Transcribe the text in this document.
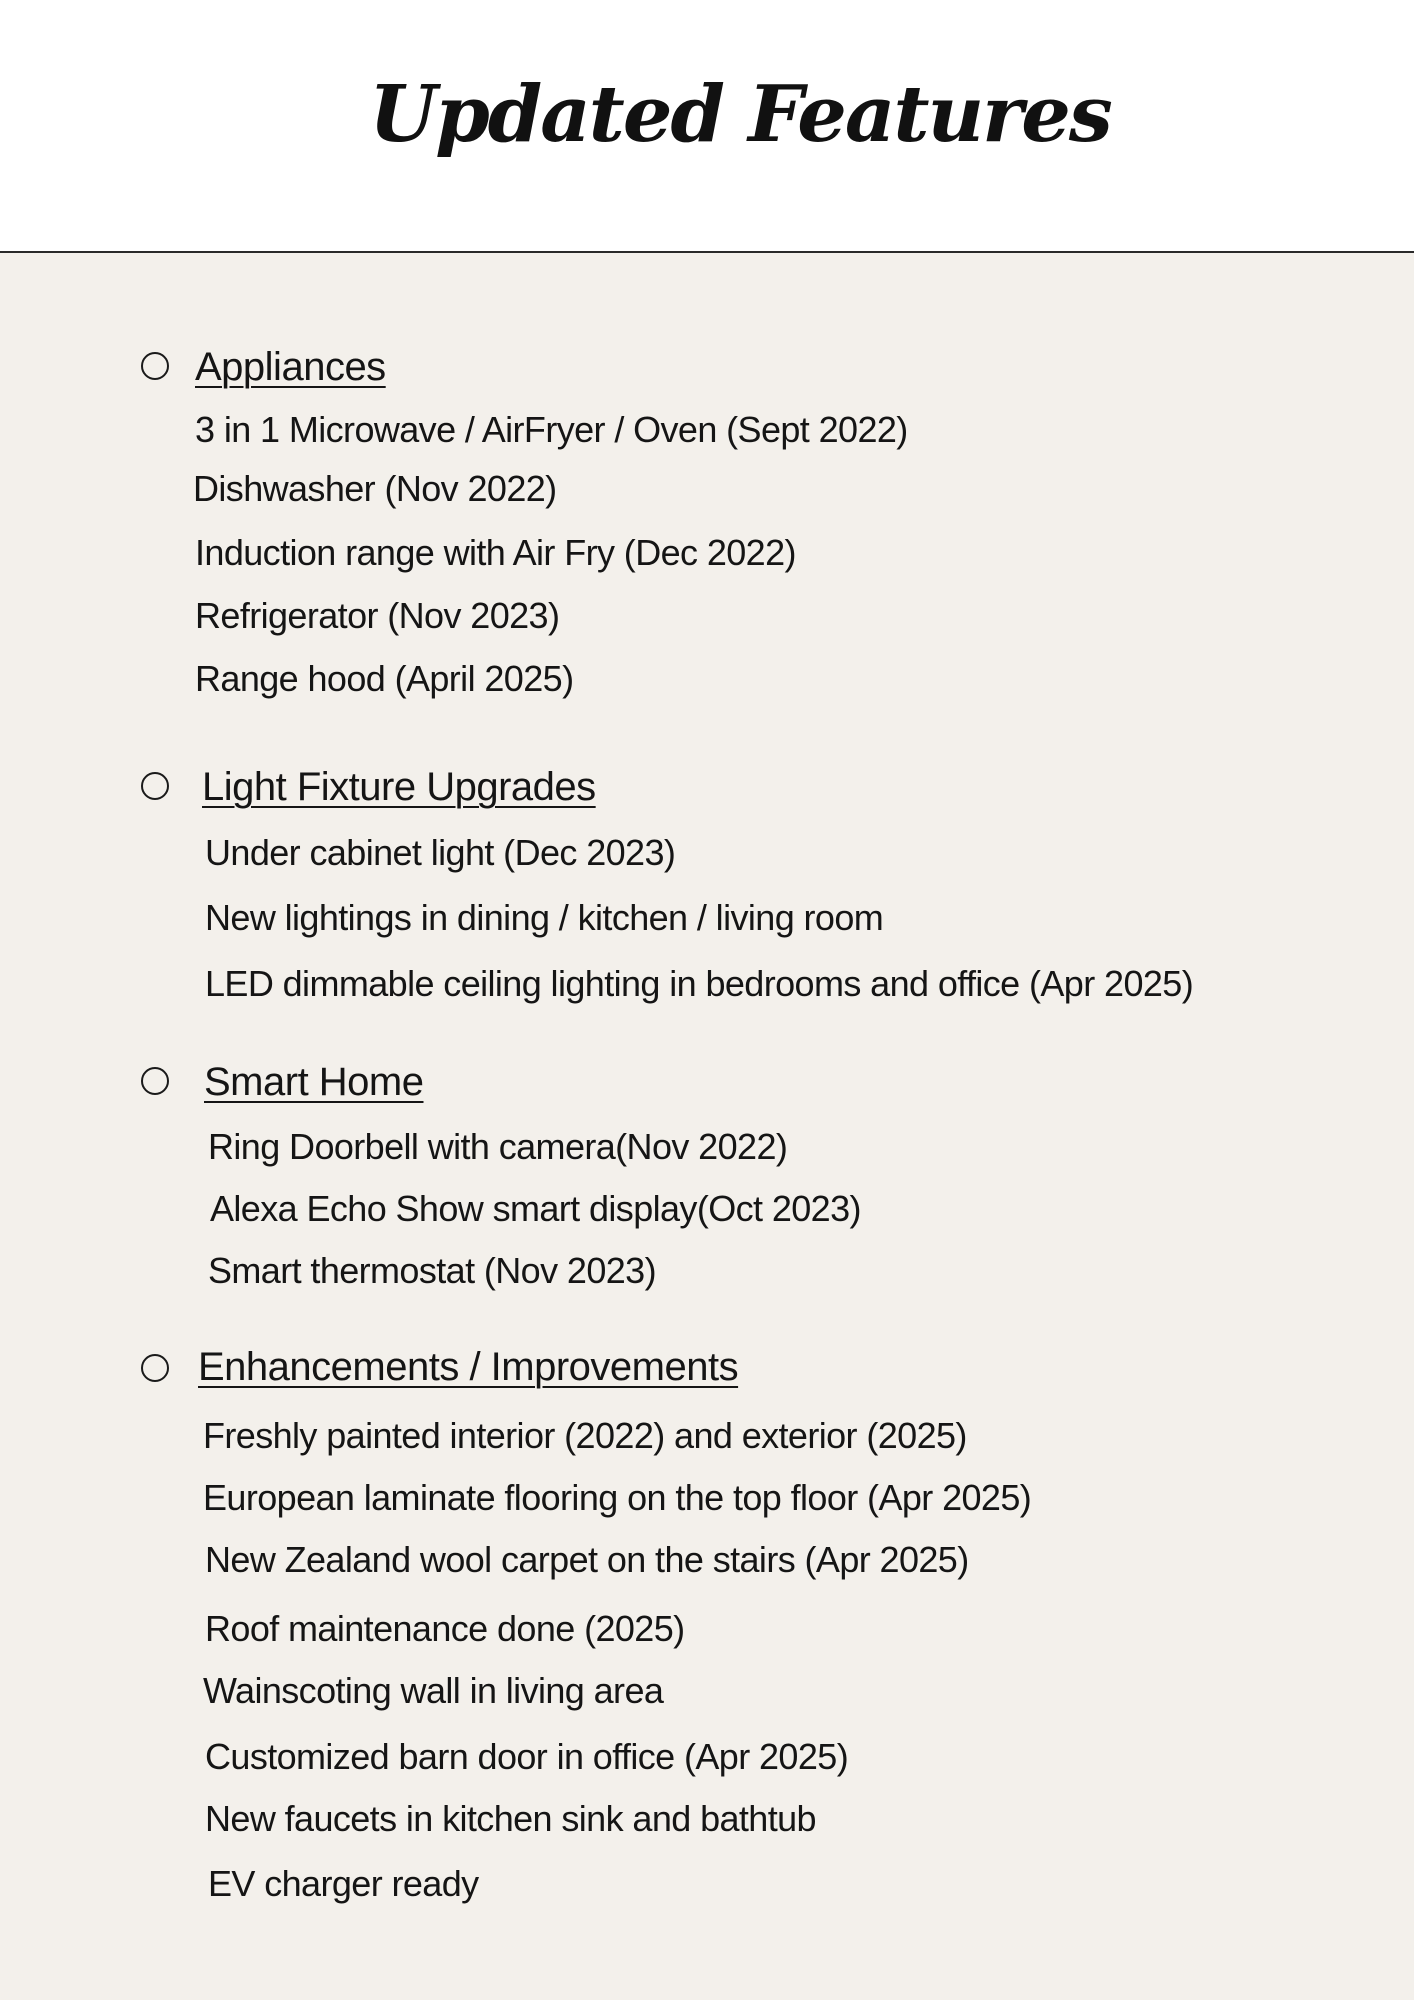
Updated Features
Appliances
3 in 1 Microwave / AirFryer / Oven (Sept 2022)
Dishwasher (Nov 2022)
Induction range with Air Fry (Dec 2022)
Refrigerator (Nov 2023)
Range hood (April 2025)
Light Fixture Upgrades
Under cabinet light (Dec 2023)
New lightings in dining / kitchen / living room
LED dimmable ceiling lighting in bedrooms and office (Apr 2025)
Smart Home
Ring Doorbell with camera(Nov 2022)
Alexa Echo Show smart display(Oct 2023)
Smart thermostat (Nov 2023)
Enhancements / Improvements
Freshly painted interior (2022) and exterior (2025)
European laminate flooring on the top floor (Apr 2025)
New Zealand wool carpet on the stairs (Apr 2025)
Roof maintenance done (2025)
Wainscoting wall in living area
Customized barn door in office (Apr 2025)
New faucets in kitchen sink and bathtub
EV charger ready
